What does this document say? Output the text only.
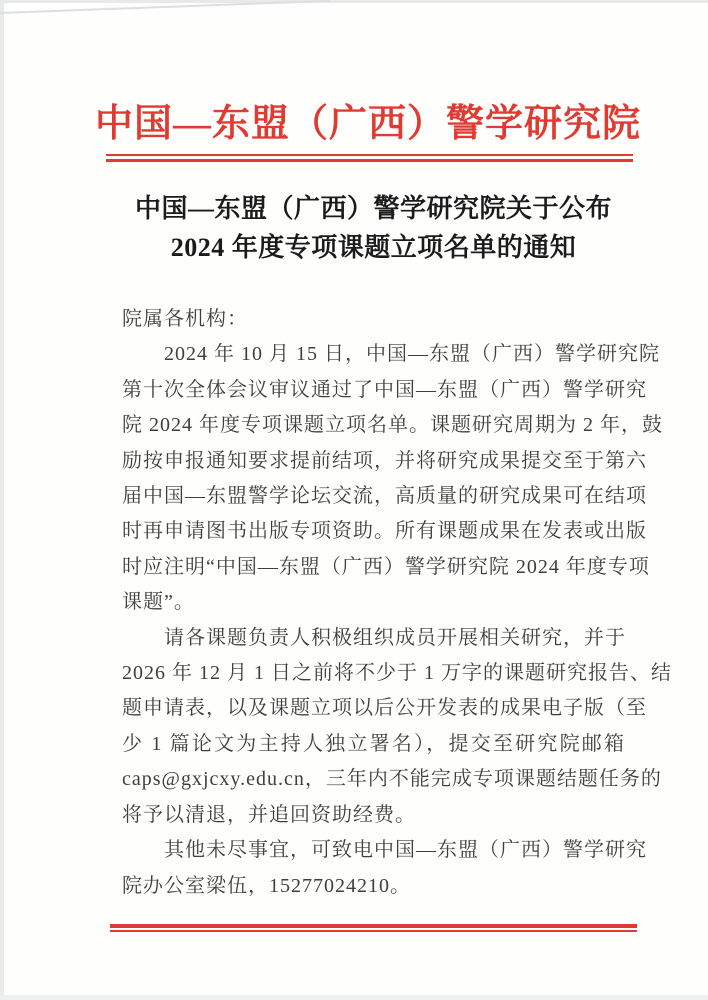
中国—东盟（广西）警学研究院
中国—东盟（广西）警学研究院关于公布
2024 年度专项课题立项名单的通知
院属各机构：
2024 年 10 月 15 日，中国—东盟（广西）警学研究院
第十次全体会议审议通过了中国—东盟（广西）警学研究
院 2024 年度专项课题立项名单。课题研究周期为 2 年，鼓
励按申报通知要求提前结项，并将研究成果提交至于第六
届中国—东盟警学论坛交流，高质量的研究成果可在结项
时再申请图书出版专项资助。所有课题成果在发表或出版
时应注明“中国—东盟（广西）警学研究院 2024 年度专项
课题”。
请各课题负责人积极组织成员开展相关研究，并于
2026 年 12 月 1 日之前将不少于 1 万字的课题研究报告、结
题申请表，以及课题立项以后公开发表的成果电子版（至
少 1 篇论文为主持人独立署名），提交至研究院邮箱
caps@gxjcxy.edu.cn，三年内不能完成专项课题结题任务的
将予以清退，并追回资助经费。
其他未尽事宜，可致电中国—东盟（广西）警学研究
院办公室梁伍，15277024210。
